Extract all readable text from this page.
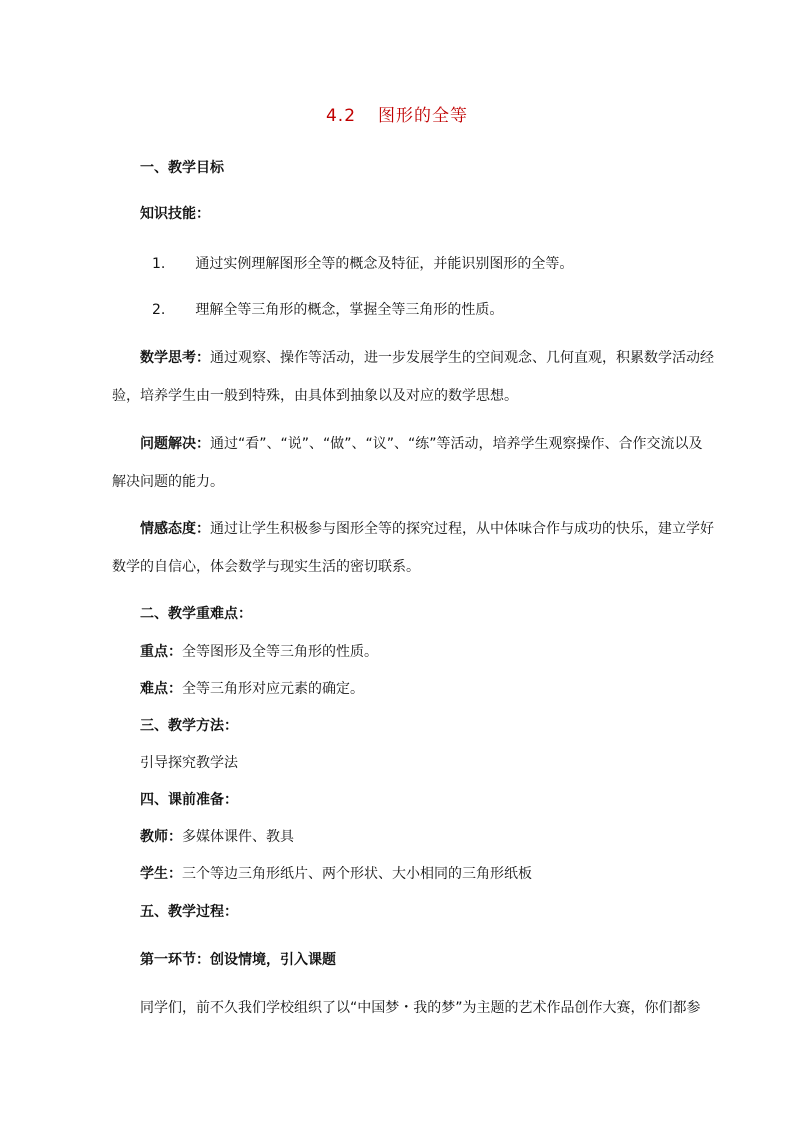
4.2 图形的全等
一、教学目标
知识技能：
1. 通过实例理解图形全等的概念及特征，并能识别图形的全等。
2. 理解全等三角形的概念，掌握全等三角形的性质。
数学思考：通过观察、操作等活动，进一步发展学生的空间观念、几何直观，积累数学活动经
验，培养学生由一般到特殊，由具体到抽象以及对应的数学思想。
问题解决：通过“看”、“说”、“做”、“议”、“练”等活动，培养学生观察操作、合作交流以及
解决问题的能力。
情感态度：通过让学生积极参与图形全等的探究过程，从中体味合作与成功的快乐，建立学好
数学的自信心，体会数学与现实生活的密切联系。
二、教学重难点：
重点：全等图形及全等三角形的性质。
难点：全等三角形对应元素的确定。
三、教学方法：
引导探究教学法
四、课前准备：
教师：多媒体课件、教具
学生：三个等边三角形纸片、两个形状、大小相同的三角形纸板
五、教学过程：
第一环节：创设情境，引入课题
同学们，前不久我们学校组织了以“中国梦・我的梦”为主题的艺术作品创作大赛，你们都参
